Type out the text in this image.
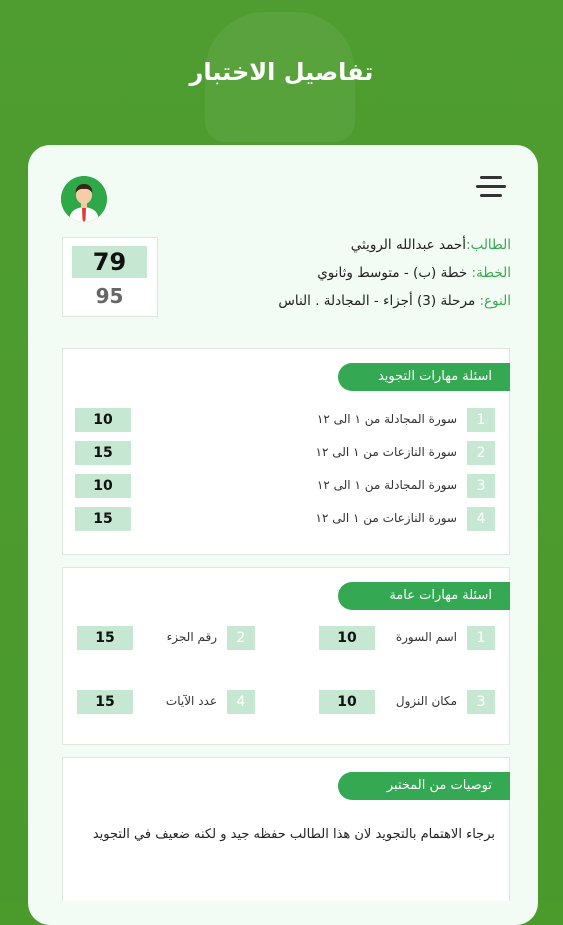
تفاصيل الاختبار
79
95
الطالب:أحمد عبدالله الرويثي
الخطة: خطة (ب) - متوسط وثانوي
النوع: مرحلة (3) أجزاء - المجادلة . الناس
اسئلة مهارات التجويد
1
سورة المجادلة من ١ الى ١٢
10
2
سورة النازعات من ١ الى ١٢
15
3
سورة المجادلة من ١ الى ١٢
10
4
سورة النازعات من ١ الى ١٢
15
اسئلة مهارات عامة
1
اسم السورة
10
2
رقم الجزء
15
3
مكان النزول
10
4
عدد الآيات
15
توصيات من المختبر
برجاء الاهتمام بالتجويد لان هذا الطالب حفظه جيد و لكنه ضعيف في التجويد
